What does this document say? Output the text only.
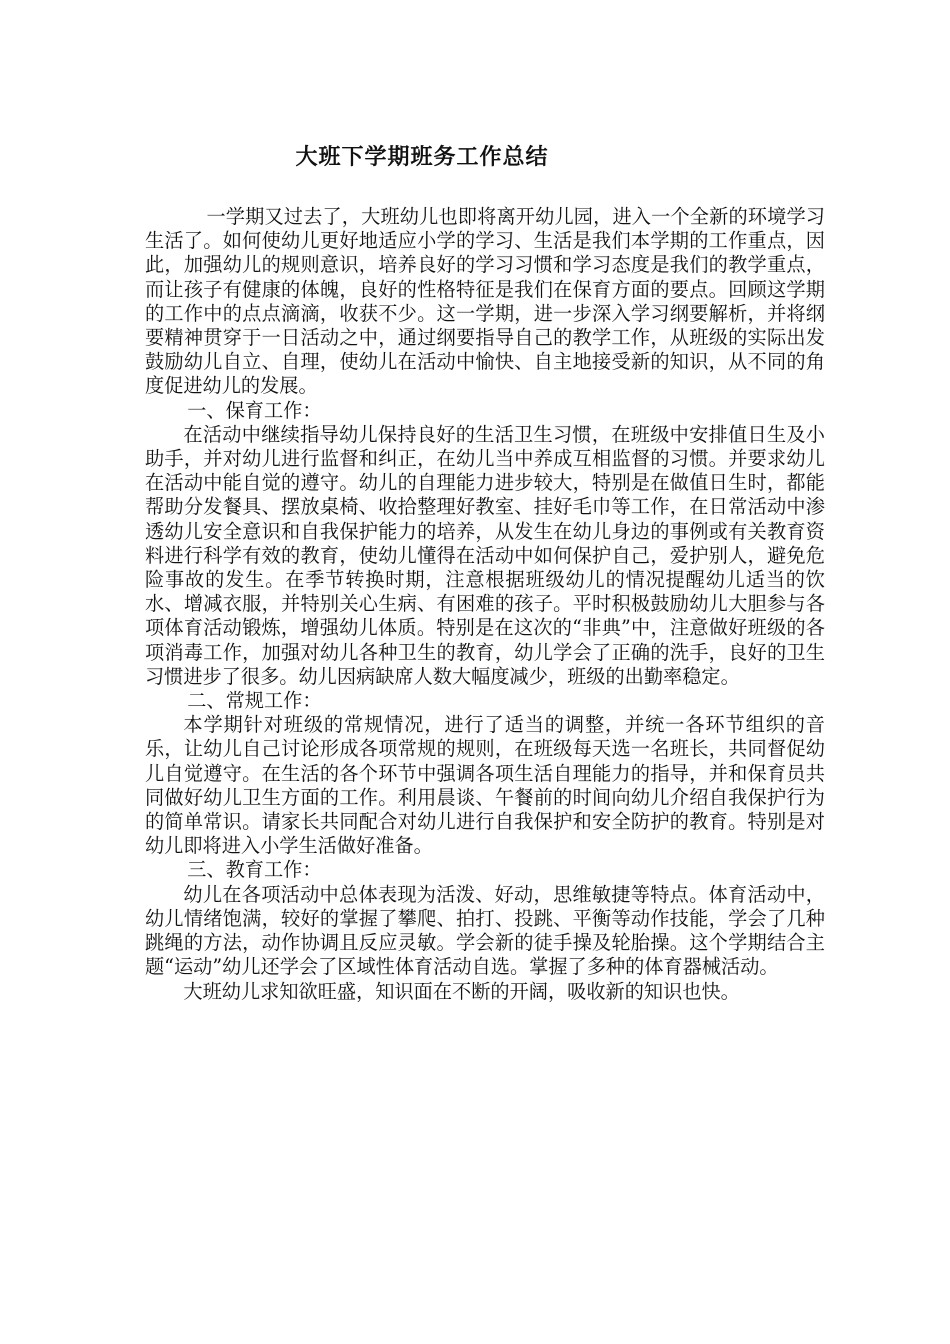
大班下学期班务工作总结

一学期又过去了，大班幼儿也即将离开幼儿园，进入一个全新的环境学习生活了。如何使幼儿更好地适应小学的学习、生活是我们本学期的工作重点，因此，加强幼儿的规则意识，培养良好的学习习惯和学习态度是我们的教学重点，而让孩子有健康的体魄，良好的性格特征是我们在保育方面的要点。回顾这学期的工作中的点点滴滴，收获不少。这一学期，进一步深入学习纲要解析，并将纲要精神贯穿于一日活动之中，通过纲要指导自己的教学工作，从班级的实际出发鼓励幼儿自立、自理，使幼儿在活动中愉快、自主地接受新的知识，从不同的角度促进幼儿的发展。

一、保育工作：

在活动中继续指导幼儿保持良好的生活卫生习惯，在班级中安排值日生及小助手，并对幼儿进行监督和纠正，在幼儿当中养成互相监督的习惯。并要求幼儿在活动中能自觉的遵守。幼儿的自理能力进步较大，特别是在做值日生时，都能帮助分发餐具、摆放桌椅、收拾整理好教室、挂好毛巾等工作，在日常活动中渗透幼儿安全意识和自我保护能力的培养，从发生在幼儿身边的事例或有关教育资料进行科学有效的教育，使幼儿懂得在活动中如何保护自己，爱护别人，避免危险事故的发生。在季节转换时期，注意根据班级幼儿的情况提醒幼儿适当的饮水、增减衣服，并特别关心生病、有困难的孩子。平时积极鼓励幼儿大胆参与各项体育活动锻炼，增强幼儿体质。特别是在这次的“非典”中，注意做好班级的各项消毒工作，加强对幼儿各种卫生的教育，幼儿学会了正确的洗手，良好的卫生习惯进步了很多。幼儿因病缺席人数大幅度减少，班级的出勤率稳定。

二、常规工作：

本学期针对班级的常规情况，进行了适当的调整，并统一各环节组织的音乐，让幼儿自己讨论形成各项常规的规则，在班级每天选一名班长，共同督促幼儿自觉遵守。在生活的各个环节中强调各项生活自理能力的指导，并和保育员共同做好幼儿卫生方面的工作。利用晨谈、午餐前的时间向幼儿介绍自我保护行为的简单常识。请家长共同配合对幼儿进行自我保护和安全防护的教育。特别是对幼儿即将进入小学生活做好准备。

三、教育工作：

幼儿在各项活动中总体表现为活泼、好动，思维敏捷等特点。体育活动中，幼儿情绪饱满，较好的掌握了攀爬、拍打、投跳、平衡等动作技能，学会了几种跳绳的方法，动作协调且反应灵敏。学会新的徒手操及轮胎操。这个学期结合主题“运动”幼儿还学会了区域性体育活动自选。掌握了多种的体育器械活动。

大班幼儿求知欲旺盛，知识面在不断的开阔，吸收新的知识也快。
